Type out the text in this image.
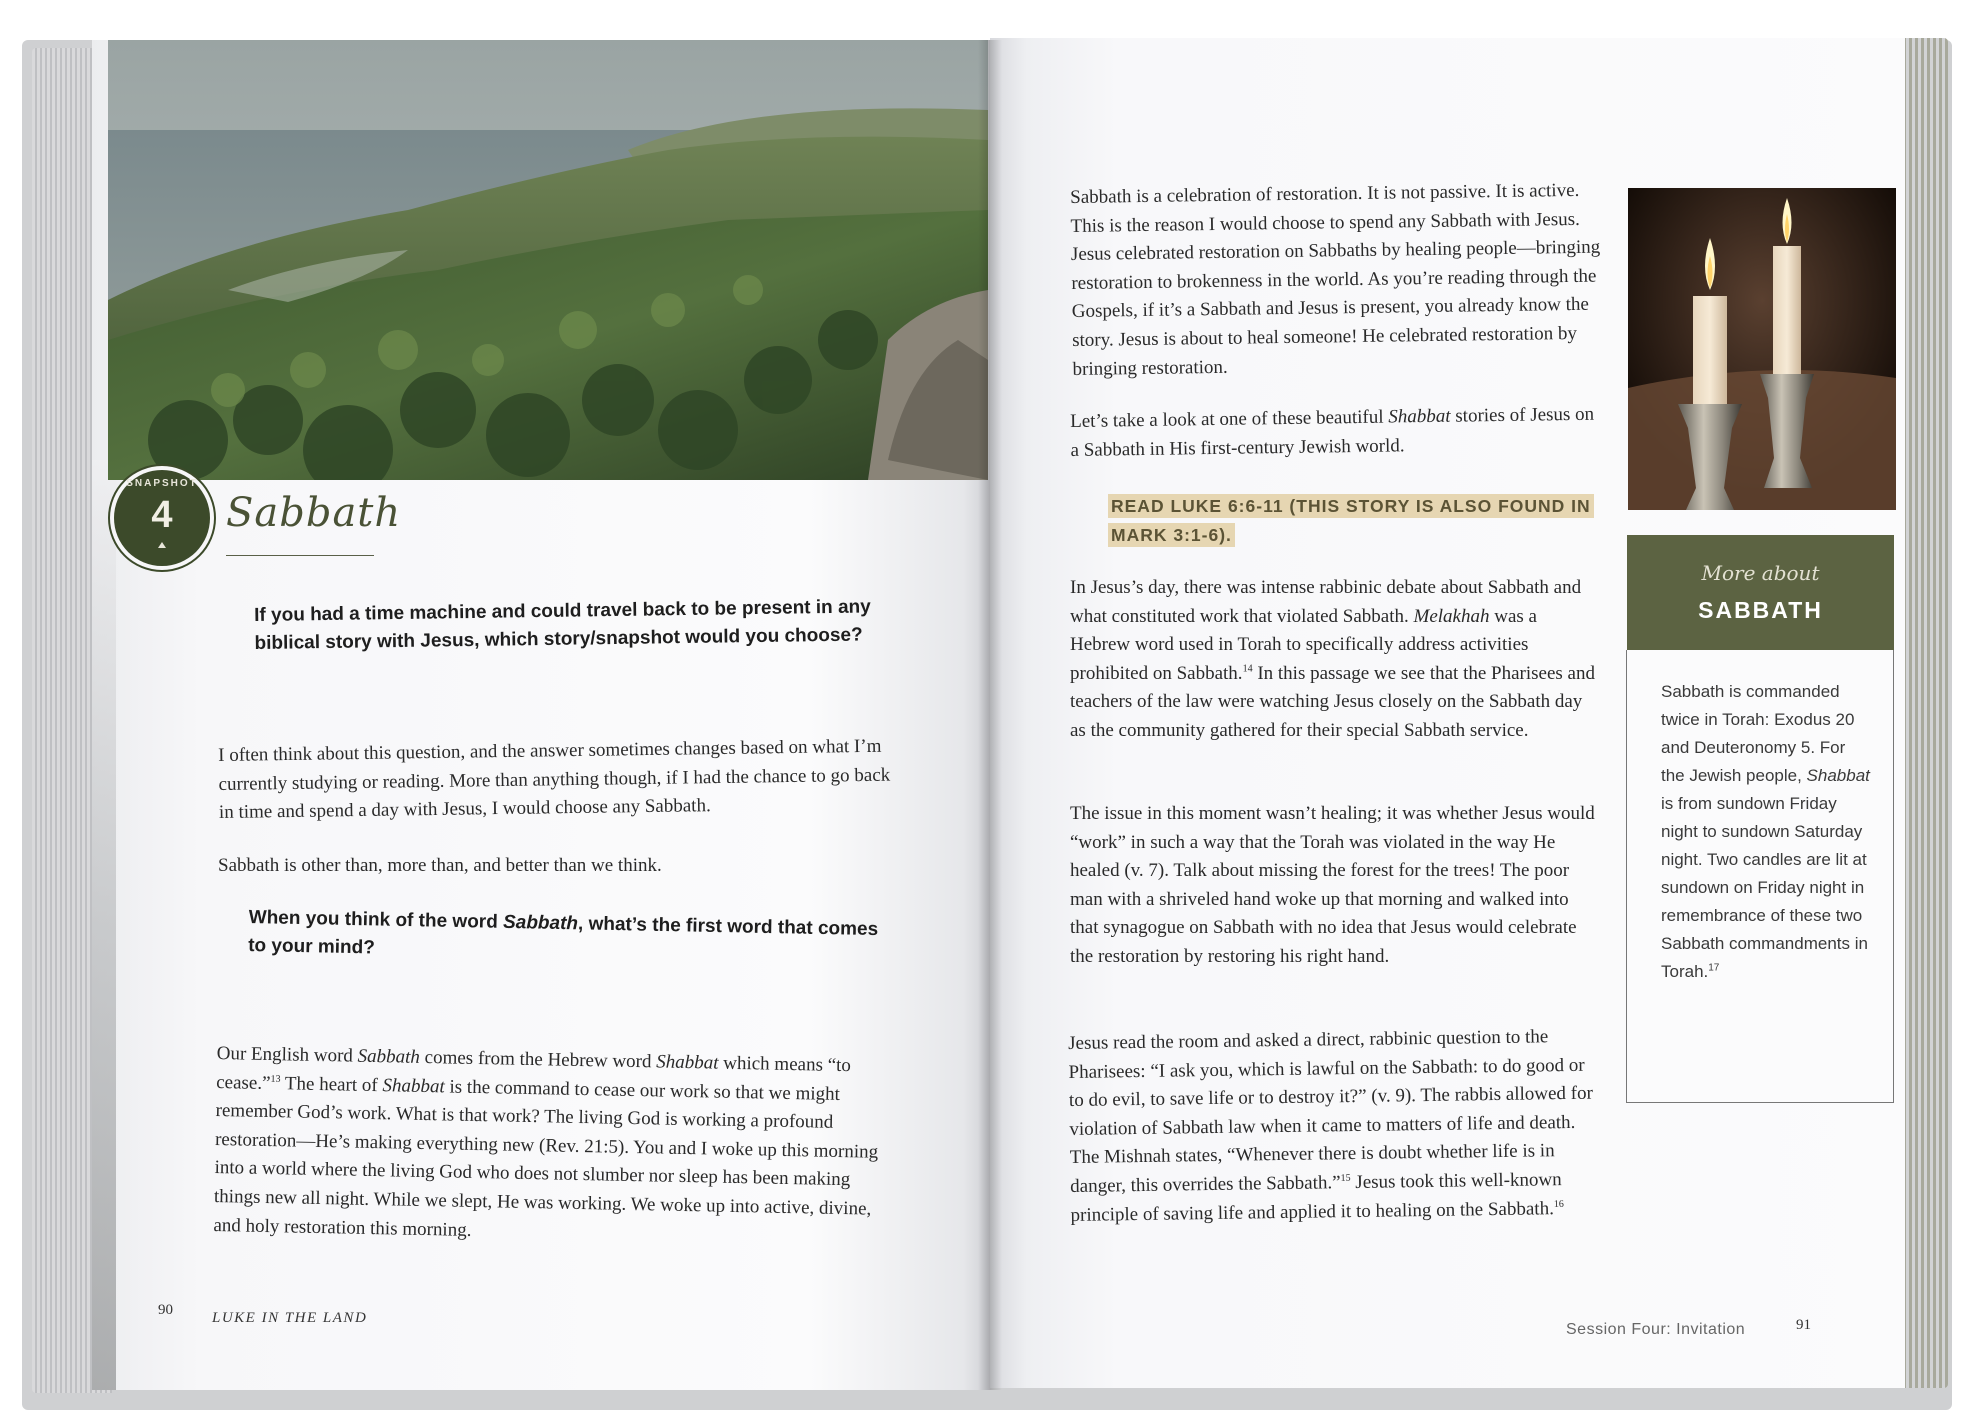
SNAPSHOT
4	Sabbath
If you had a time machine and could travel back to be present in any biblical story with Jesus, which story/snapshot would you choose?
I often think about this question, and the answer sometimes changes based on what I’m currently studying or reading. More than anything though, if I had the chance to go back in time and spend a day with Jesus, I would choose any Sabbath.
Sabbath is other than, more than, and better than we think.
When you think of the word Sabbath, what’s the first word that comes to your mind?
Our English word Sabbath comes from the Hebrew word Shabbat which means “to cease.”$^{13}$ The heart of Shabbat is the command to cease our work so that we might remember God’s work. What is that work? The living God is working a profound restoration—He’s making everything new (Rev. 21:5). You and I woke up this morning into a world where the living God who does not slumber nor sleep has been making things new all night. While we slept, He was working. We woke up into active, divine, and holy restoration this morning.
90	LUKE IN THE LAND
Sabbath is a celebration of restoration. It is not passive. It is active. This is the reason I would choose to spend any Sabbath with Jesus. Jesus celebrated restoration on Sabbaths by healing people—bringing restoration to brokenness in the world. As you’re reading through the Gospels, if it’s a Sabbath and Jesus is present, you already know the story. Jesus is about to heal someone! He celebrated restoration by bringing restoration.
Let’s take a look at one of these beautiful Shabbat stories of Jesus on a Sabbath in His first-century Jewish world.
READ LUKE 6:6-11 (THIS STORY IS ALSO FOUND IN MARK 3:1-6).
In Jesus’s day, there was intense rabbinic debate about Sabbath and what constituted work that violated Sabbath. Melakhah was a Hebrew word used in Torah to specifically address activities prohibited on Sabbath.$^{14}$ In this passage we see that the Pharisees and teachers of the law were watching Jesus closely on the Sabbath day as the community gathered for their special Sabbath service.
The issue in this moment wasn’t healing; it was whether Jesus would “work” in such a way that the Torah was violated in the way He healed (v. 7). Talk about missing the forest for the trees! The poor man with a shriveled hand woke up that morning and walked into that synagogue on Sabbath with no idea that Jesus would celebrate the restoration by restoring his right hand.
Jesus read the room and asked a direct, rabbinic question to the Pharisees: “I ask you, which is lawful on the Sabbath: to do good or to do evil, to save life or to destroy it?” (v. 9). The rabbis allowed for violation of Sabbath law when it came to matters of life and death. The Mishnah states, “Whenever there is doubt whether life is in danger, this overrides the Sabbath.”$^{15}$ Jesus took this well-known principle of saving life and applied it to healing on the Sabbath.$^{16}$
More about
SABBATH
Sabbath is commanded twice in Torah: Exodus 20 and Deuteronomy 5. For the Jewish people, Shabbat is from sundown Friday night to sundown Saturday night. Two candles are lit at sundown on Friday night in remembrance of these two Sabbath commandments in Torah.$^{17}$
Session Four: Invitation	91
